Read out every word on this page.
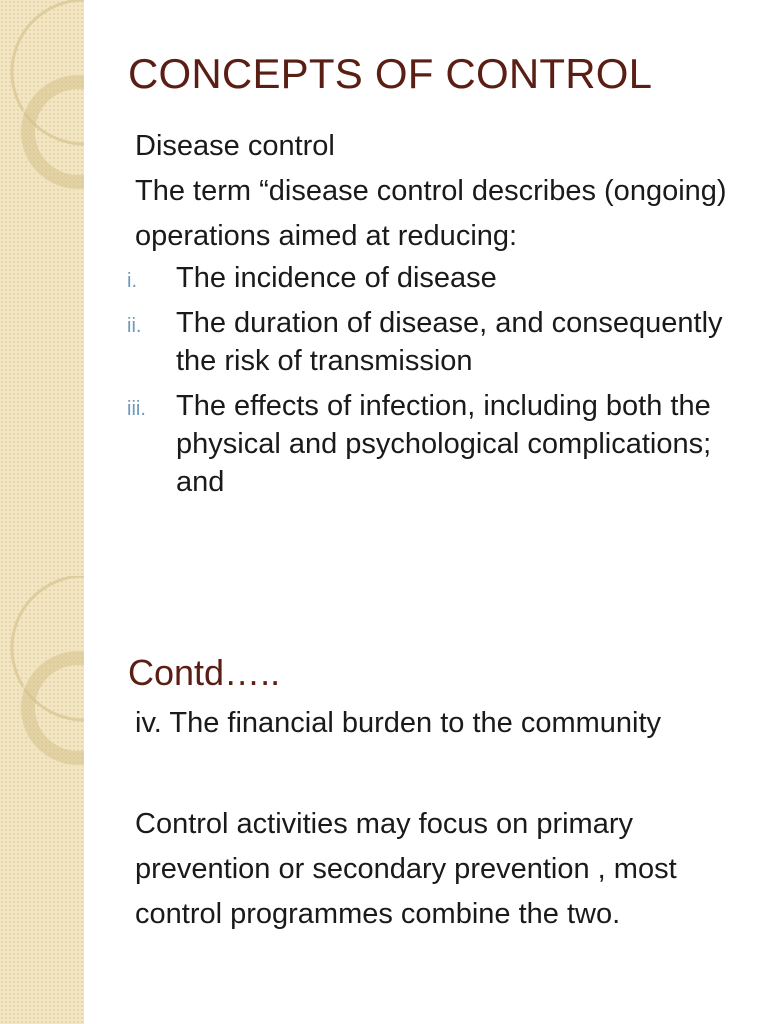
CONCEPTS OF CONTROL

Disease control

The term “disease control describes (ongoing)

operations aimed at reducing:

i. The incidence of disease
ii. The duration of disease, and consequently the risk of transmission
iii. The effects of infection, including both the physical and psychological complications; and
Contd…..

iv. The financial burden to the community

Control activities may focus on primary

prevention or secondary prevention , most

control programmes combine the two.
